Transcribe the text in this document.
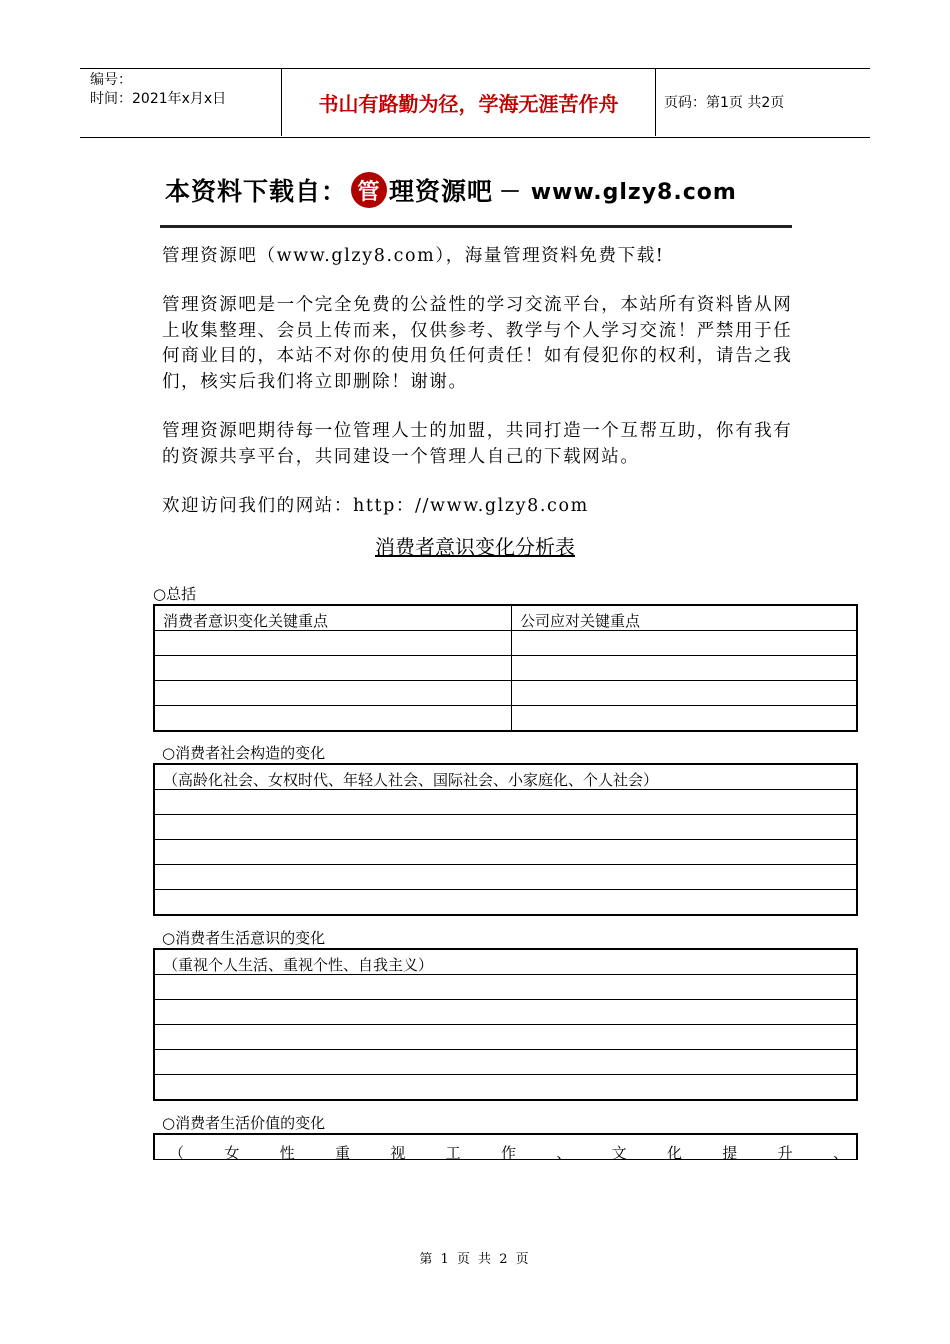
编号：
时间：2021年x月x日	书山有路勤为径，学海无涯苦作舟	页码：第1页 共2页
本资料下载自： 管 理资源吧 － www.glzy8.com

管理资源吧（www.glzy8.com），海量管理资料免费下载!

管理资源吧是一个完全免费的公益性的学习交流平台，本站所有资料皆从网上收集整理、会员上传而来，仅供参考、教学与个人学习交流！严禁用于任何商业目的，本站不对你的使用负任何责任！如有侵犯你的权利，请告之我们，核实后我们将立即删除！谢谢。

管理资源吧期待每一位管理人士的加盟，共同打造一个互帮互助，你有我有的资源共享平台，共同建设一个管理人自己的下载网站。

欢迎访问我们的网站：http：//www.glzy8.com

消费者意识变化分析表
○总括
消费者意识变化关键重点	公司应对关键重点

○消费者社会构造的变化
（高龄化社会、女权时代、年轻人社会、国际社会、小家庭化、个人社会）

○消费者生活意识的变化
（重视个人生活、重视个性、自我主义）

○消费者生活价值的变化
（	女	性	重	视	工	作	、	文	化	提	升	、
第 1 页 共 2 页
